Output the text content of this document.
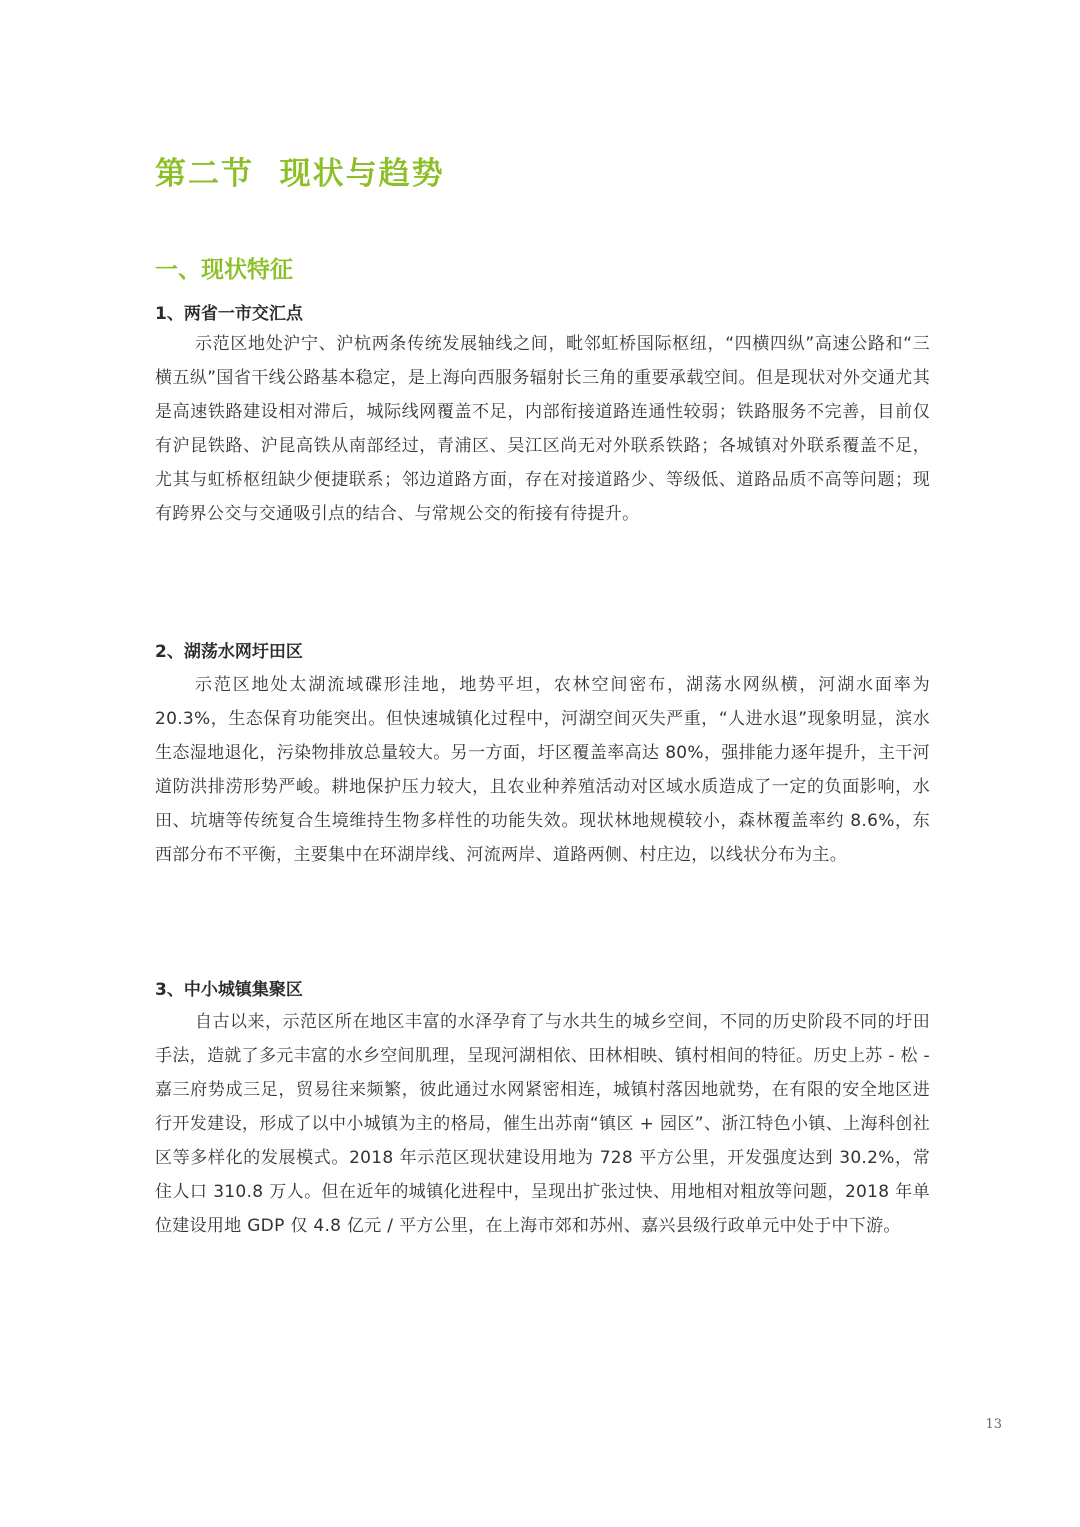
第二节  现状与趋势
一、现状特征
1、两省一市交汇点

示范区地处沪宁、沪杭两条传统发展轴线之间，毗邻虹桥国际枢纽，“四横四纵”高速公路和“三横五纵”国省干线公路基本稳定，是上海向西服务辐射长三角的重要承载空间。但是现状对外交通尤其是高速铁路建设相对滞后，城际线网覆盖不足，内部衔接道路连通性较弱；铁路服务不完善，目前仅有沪昆铁路、沪昆高铁从南部经过，青浦区、吴江区尚无对外联系铁路；各城镇对外联系覆盖不足，尤其与虹桥枢纽缺少便捷联系；邻边道路方面，存在对接道路少、等级低、道路品质不高等问题；现有跨界公交与交通吸引点的结合、与常规公交的衔接有待提升。

2、湖荡水网圩田区

示范区地处太湖流域碟形洼地，地势平坦，农林空间密布，湖荡水网纵横，河湖水面率为 20.3%，生态保育功能突出。但快速城镇化过程中，河湖空间灭失严重，“人进水退”现象明显，滨水生态湿地退化，污染物排放总量较大。另一方面，圩区覆盖率高达 80%，强排能力逐年提升，主干河道防洪排涝形势严峻。耕地保护压力较大，且农业种养殖活动对区域水质造成了一定的负面影响，水田、坑塘等传统复合生境维持生物多样性的功能失效。现状林地规模较小，森林覆盖率约 8.6%，东西部分布不平衡，主要集中在环湖岸线、河流两岸、道路两侧、村庄边，以线状分布为主。

3、中小城镇集聚区

自古以来，示范区所在地区丰富的水泽孕育了与水共生的城乡空间，不同的历史阶段不同的圩田手法，造就了多元丰富的水乡空间肌理，呈现河湖相依、田林相映、镇村相间的特征。历史上苏 - 松 - 嘉三府势成三足，贸易往来频繁，彼此通过水网紧密相连，城镇村落因地就势，在有限的安全地区进行开发建设，形成了以中小城镇为主的格局，催生出苏南“镇区 + 园区”、浙江特色小镇、上海科创社区等多样化的发展模式。2018 年示范区现状建设用地为 728 平方公里，开发强度达到 30.2%，常住人口 310.8 万人。但在近年的城镇化进程中，呈现出扩张过快、用地相对粗放等问题，2018 年单位建设用地 GDP 仅 4.8 亿元 / 平方公里，在上海市郊和苏州、嘉兴县级行政单元中处于中下游。

13
